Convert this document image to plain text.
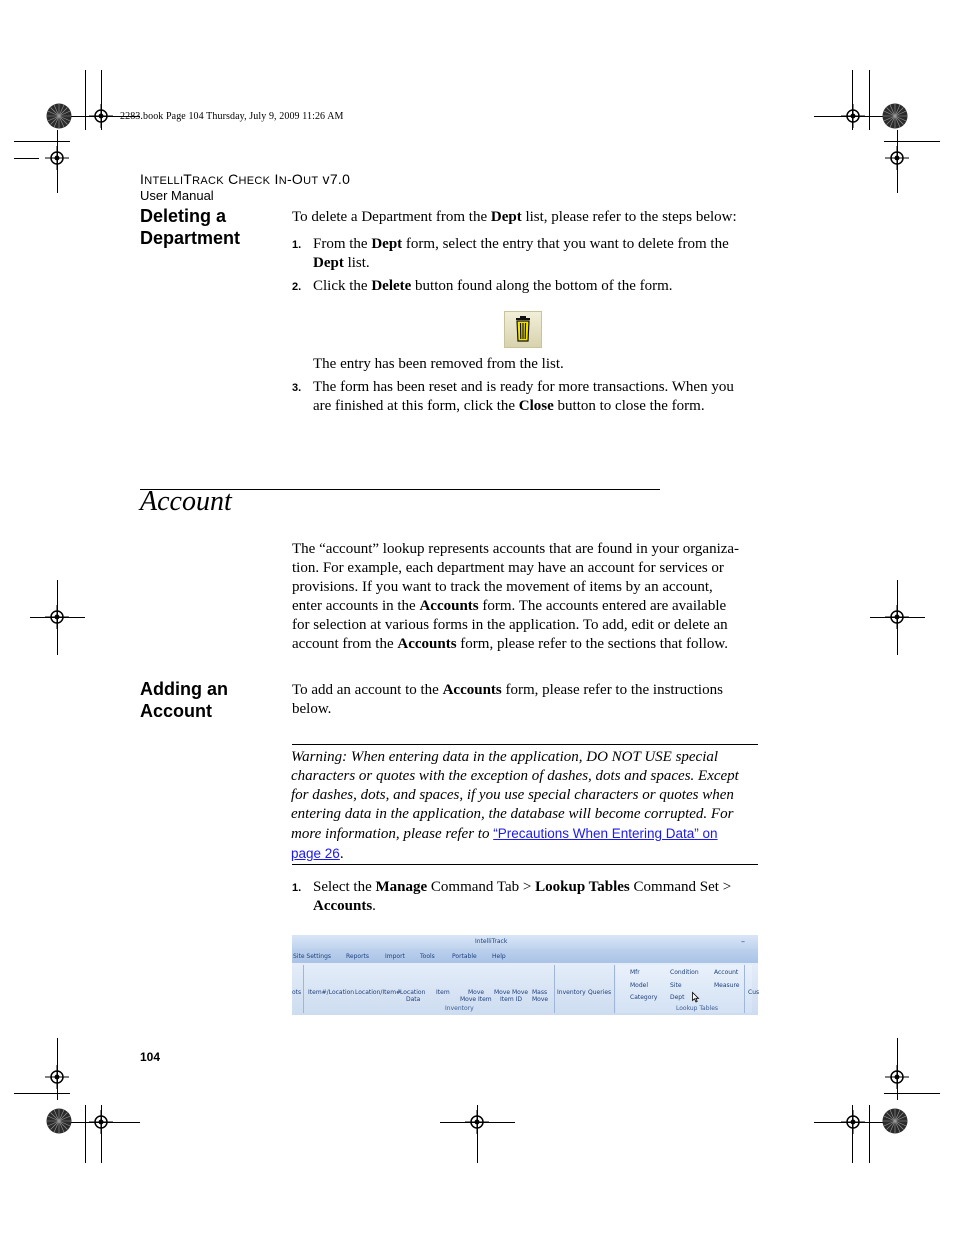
2283.book Page 104 Thursday, July 9, 2009 11:26 AM
INTELLITRACK CHECK IN-OUT v7.0
User Manual
Deleting a
Department
To delete a Department from the Dept list, please refer to the steps below:
1. From the Dept form, select the entry that you want to delete from the
Dept list.
2. Click the Delete button found along the bottom of the form.
The entry has been removed from the list.
3. The form has been reset and is ready for more transactions. When you
are finished at this form, click the Close button to close the form.
Account
The “account” lookup represents accounts that are found in your organiza-
tion. For example, each department may have an account for services or
provisions. If you want to track the movement of items by an account,
enter accounts in the Accounts form. The accounts entered are available
for selection at various forms in the application. To add, edit or delete an
account from the Accounts form, please refer to the sections that follow.
Adding an
Account
To add an account to the Accounts form, please refer to the instructions
below.
Warning: When entering data in the application, DO NOT USE special
characters or quotes with the exception of dashes, dots and spaces. Except
for dashes, dots, and spaces, if you use special characters or quotes when
entering data in the application, the database will become corrupted. For
more information, please refer to “Precautions When Entering Data” on
page 26.
1. Select the Manage Command Tab > Lookup Tables Command Set >
Accounts.
IntelliTrack	–
Site Settings Reports	Import	Tools	Portable	Help
ots Item#/Location Location/Item#
Location
Data
Item	Move
Move Item
Move Move
Item ID
Mass
Move
Inventory Queries
Inventory
Mfr	Condition	Account
Model	Site	Measure
Category Dept
Lookup Tables
Cus
104
